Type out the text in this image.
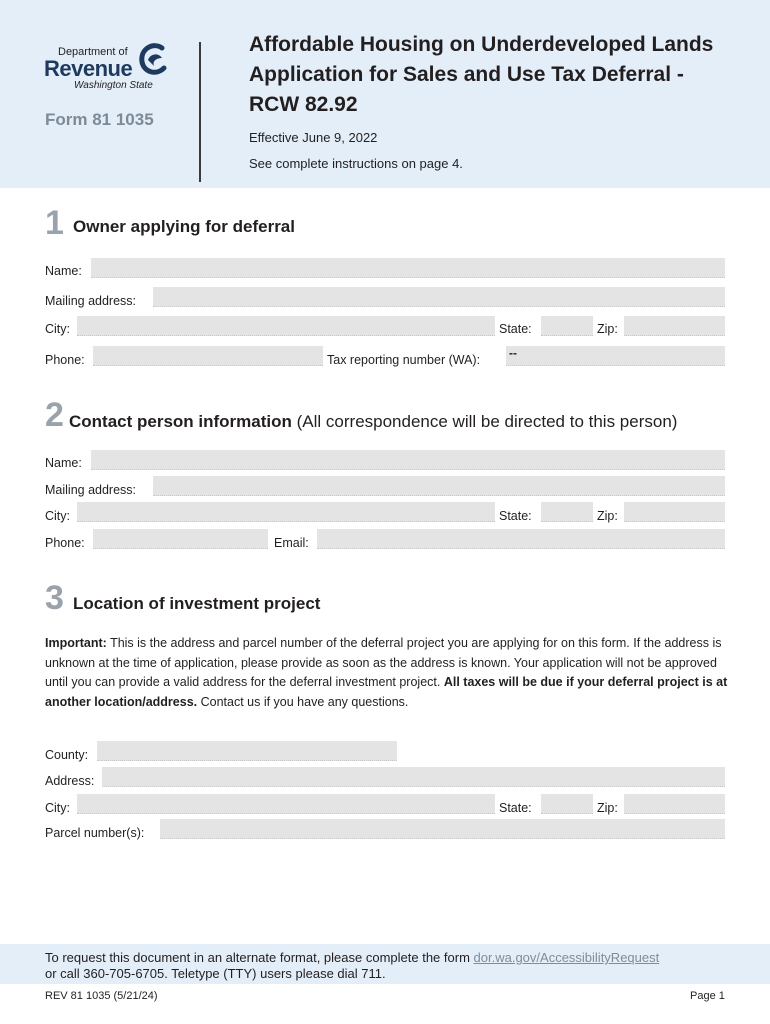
Department of
Revenue
Washington State
Form 81 1035
Affordable Housing on Underdeveloped Lands Application for Sales and Use Tax Deferral - RCW 82.92
Effective June 9, 2022
See complete instructions on page 4.
1 Owner applying for deferral
Name:
Mailing address:
City:	State:	Zip:
Phone:	Tax reporting number (WA): --
2 Contact person information (All correspondence will be directed to this person)
Name:
Mailing address:
City:	State:	Zip:
Phone:	Email:
3 Location of investment project
Important: This is the address and parcel number of the deferral project you are applying for on this form. If the address is unknown at the time of application, please provide as soon as the address is known. Your application will not be approved until you can provide a valid address for the deferral investment project. All taxes will be due if your deferral project is at another location/address. Contact us if you have any questions.
County:
Address:
City:	State:	Zip:
Parcel number(s):
To request this document in an alternate format, please complete the form dor.wa.gov/AccessibilityRequest
or call 360-705-6705. Teletype (TTY) users please dial 711.
REV 81 1035 (5/21/24)	Page 1
